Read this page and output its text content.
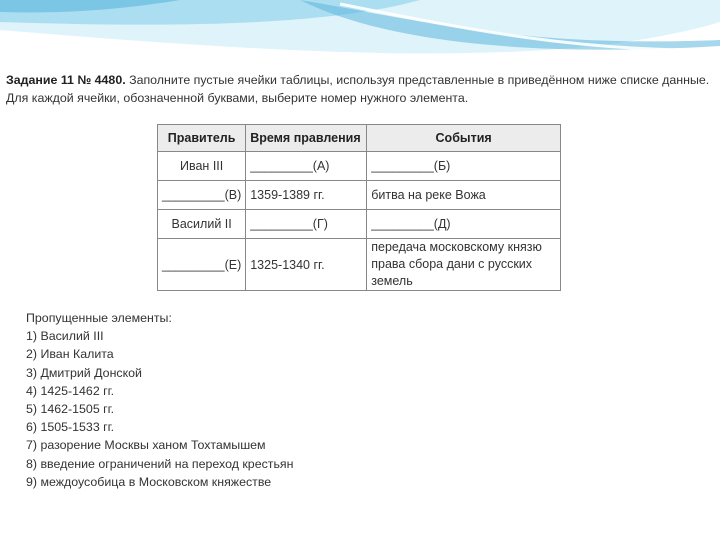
Задание 11 № 4480. Заполните пустые ячейки таблицы, используя представленные в приведённом ниже списке данные. Для каждой ячейки, обозначенной буквами, выберите номер нужного элемента.
Правитель	Время правления	События
Иван III	_________(А)	_________(Б)
_________(В)	1359-1389 гг.	битва на реке Вожа
Василий II	_________(Г)	_________(Д)
_________(Е)	1325-1340 гг.	передача московскому князю права сбора дани с русских земель
Пропущенные элементы:
1) Василий III
2) Иван Калита
3) Дмитрий Донской
4) 1425-1462 гг.
5) 1462-1505 гг.
6) 1505-1533 гг.
7) разорение Москвы ханом Тохтамышем
8) введение ограничений на переход крестьян
9) междоусобица в Московском княжестве
